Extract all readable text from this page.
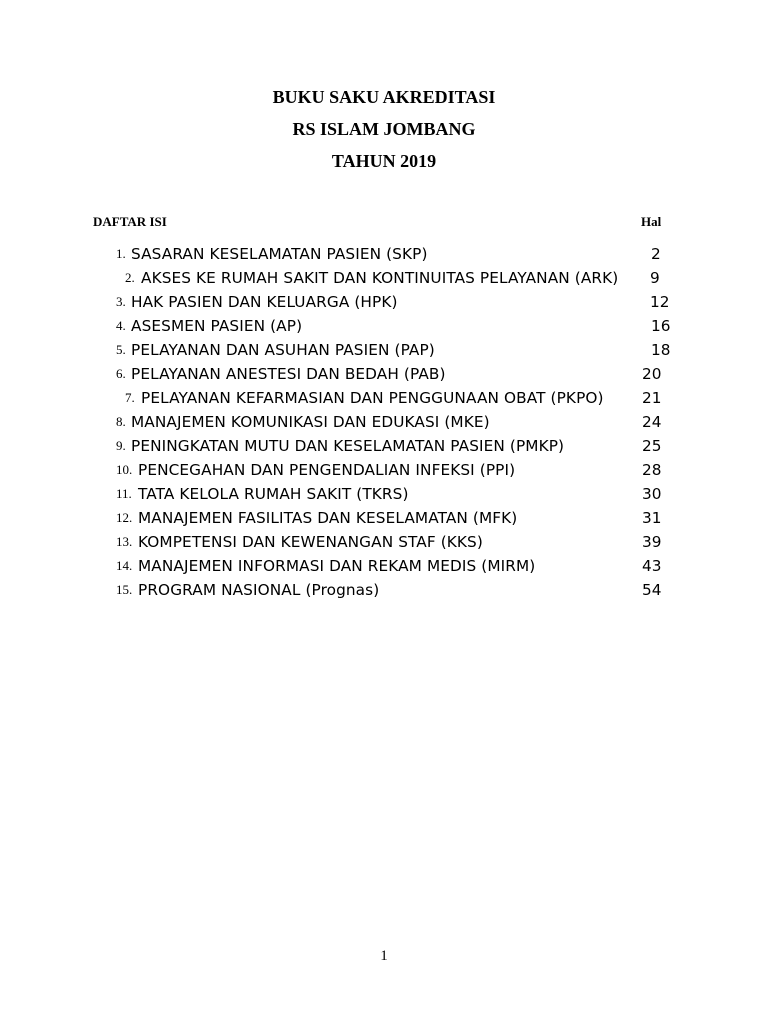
BUKU SAKU AKREDITASI
RS ISLAM JOMBANG
TAHUN 2019
DAFTAR ISI	Hal
1. SASARAN KESELAMATAN PASIEN (SKP)	2
2. AKSES KE RUMAH SAKIT DAN KONTINUITAS PELAYANAN (ARK) 9
3. HAK PASIEN DAN KELUARGA (HPK)	12
4. ASESMEN PASIEN (AP)	16
5. PELAYANAN DAN ASUHAN PASIEN (PAP)	18
6. PELAYANAN ANESTESI DAN BEDAH (PAB)	20
7. PELAYANAN KEFARMASIAN DAN PENGGUNAAN OBAT (PKPO)	21
8. MANAJEMEN KOMUNIKASI DAN EDUKASI (MKE)	24
9. PENINGKATAN MUTU DAN KESELAMATAN PASIEN (PMKP)	25
10. PENCEGAHAN DAN PENGENDALIAN INFEKSI (PPI)	28
11. TATA KELOLA RUMAH SAKIT (TKRS)	30
12. MANAJEMEN FASILITAS DAN KESELAMATAN (MFK)	31
13. KOMPETENSI DAN KEWENANGAN STAF (KKS)	39
14. MANAJEMEN INFORMASI DAN REKAM MEDIS (MIRM)	43
15. PROGRAM NASIONAL (Prognas)	54
1
